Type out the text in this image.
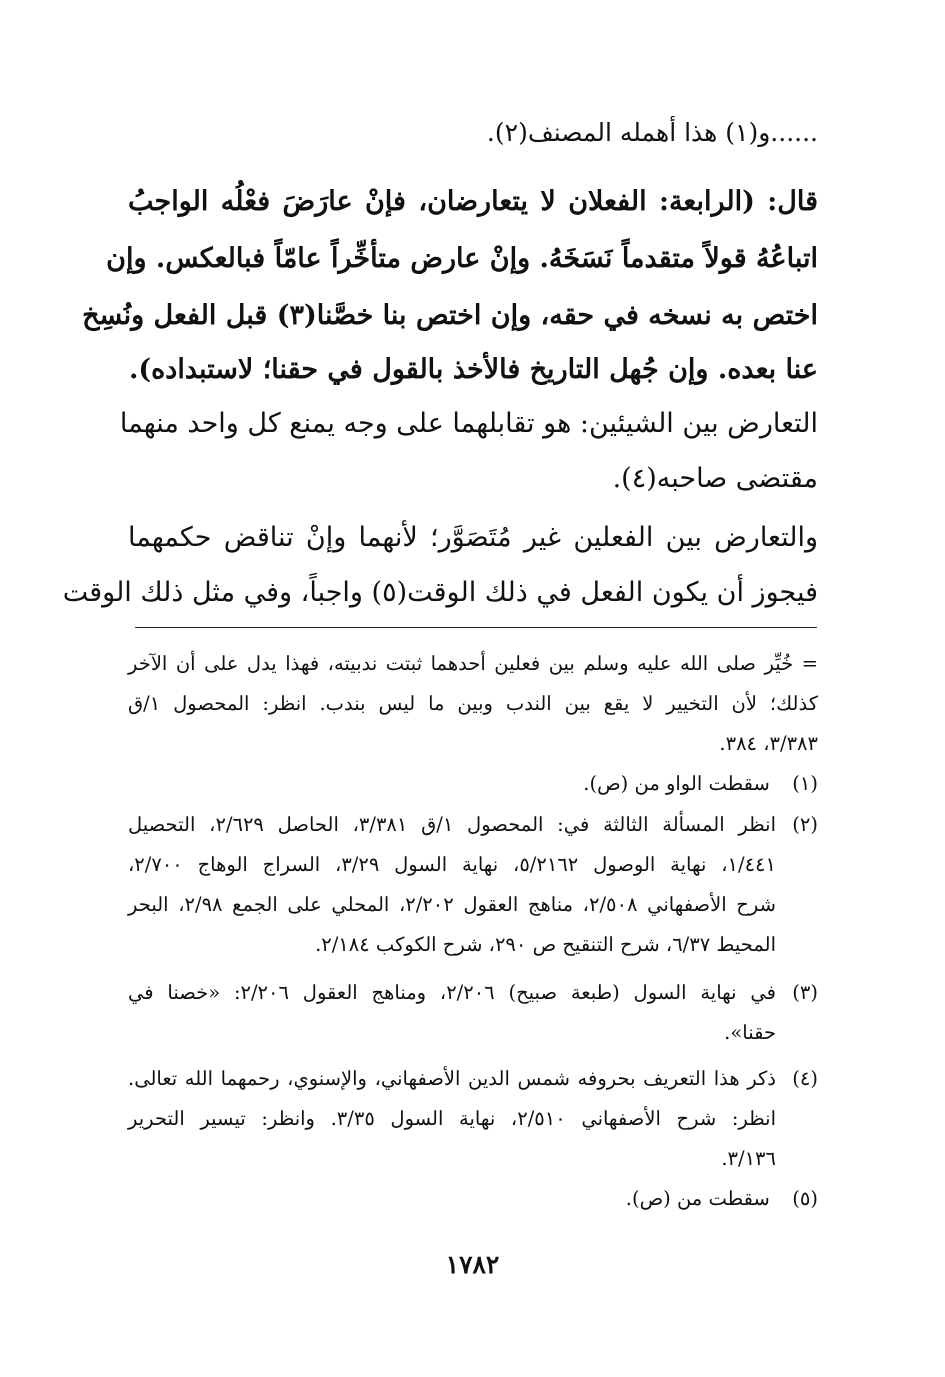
......و(١) هذا أهمله المصنف(٢).
قال: (الرابعة: الفعلان لا يتعارضان، فإنْ عارَضَ فعْلُه الواجبُ
اتباعُهُ قولاً متقدماً نَسَخَهُ. وإنْ عارض متأخِّراً عامّاً فبالعكس. وإن
اختص به نسخه في حقه، وإن اختص بنا خصَّنا(٣) قبل الفعل ونُسِخ
عنا بعده. وإن جُهل التاريخ فالأخذ بالقول في حقنا؛ لاستبداده).
التعارض بين الشيئين: هو تقابلهما على وجه يمنع كل واحد منهما
مقتضى صاحبه(٤).
والتعارض بين الفعلين غير مُتَصَوَّر؛ لأنهما وإنْ تناقض حكمهما
فيجوز أن يكون الفعل في ذلك الوقت(٥) واجباً، وفي مثل ذلك الوقت
= خُيِّر صلى الله عليه وسلم بين فعلين أحدهما ثبتت ندبيته، فهذا يدل على أن الآخر
كذلك؛ لأن التخيير لا يقع بين الندب وبين ما ليس بندب. انظر: المحصول ١/ق
٣/٣٨٣، ٣٨٤.
(١) سقطت الواو من (ص).
(٢)
انظر المسألة الثالثة في: المحصول ١/ق ٣/٣٨١، الحاصل ٢/٦٢٩، التحصيل
١/٤٤١، نهاية الوصول ٥/٢١٦٢، نهاية السول ٣/٢٩، السراج الوهاج ٢/٧٠٠،
شرح الأصفهاني ٢/٥٠٨، مناهج العقول ٢/٢٠٢، المحلي على الجمع ٢/٩٨، البحر
المحيط ٦/٣٧، شرح التنقيح ص ٢٩٠، شرح الكوكب ٢/١٨٤.
(٣)
في نهاية السول (طبعة صبيح) ٢/٢٠٦، ومناهج العقول ٢/٢٠٦: «خصنا في
حقنا».
(٤)
ذكر هذا التعريف بحروفه شمس الدين الأصفهاني، والإسنوي، رحمهما الله تعالى.
انظر: شرح الأصفهاني ٢/٥١٠، نهاية السول ٣/٣٥. وانظر: تيسير التحرير
٣/١٣٦.
(٥) سقطت من (ص).
١٧٨٢
